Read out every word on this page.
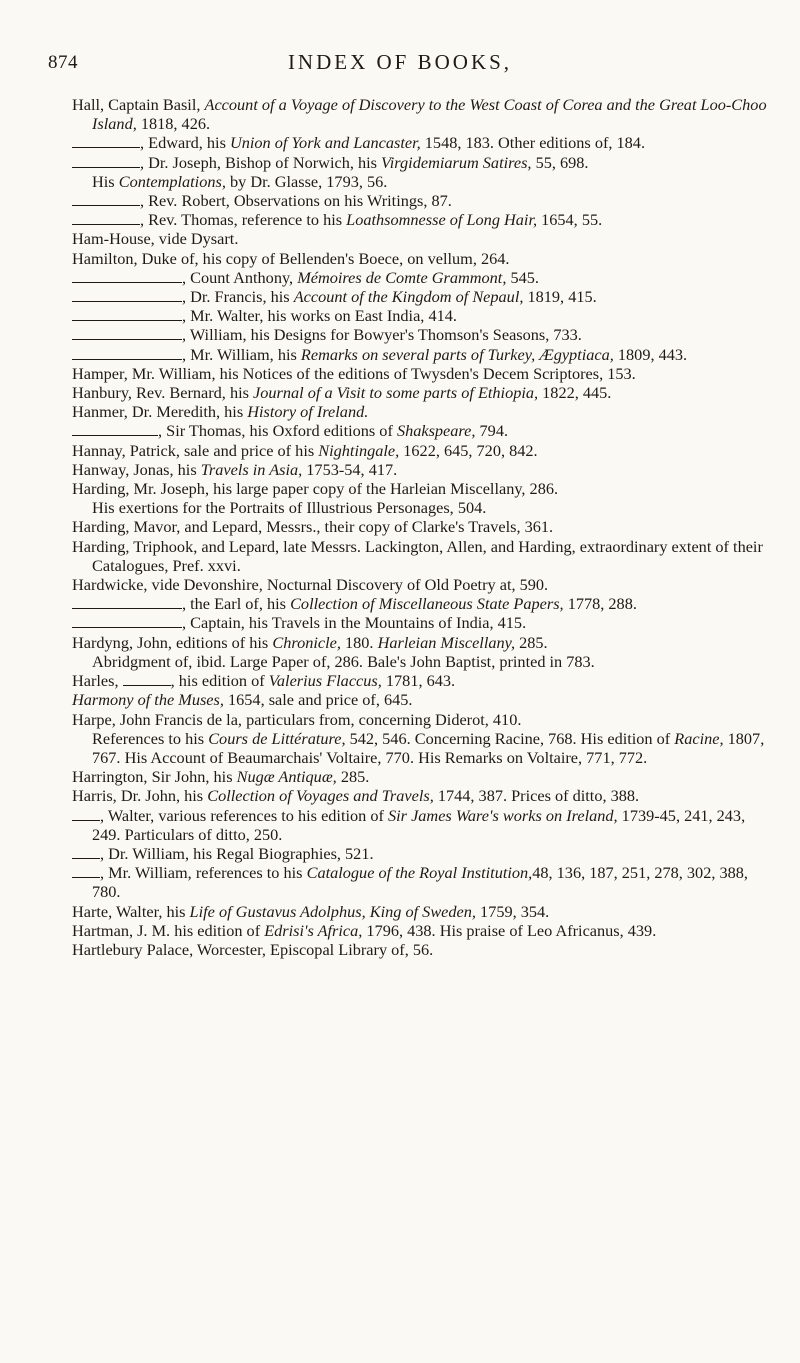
874	INDEX OF BOOKS,
Hall, Captain Basil, Account of a Voyage of Discovery to the West Coast of Corea and the Great Loo-Choo Island, 1818, 426.
, Edward, his Union of York and Lancaster, 1548, 183. Other editions of, 184.
, Dr. Joseph, Bishop of Norwich, his Virgidemiarum Satires, 55, 698.
His Contemplations, by Dr. Glasse, 1793, 56.
, Rev. Robert, Observations on his Writings, 87.
, Rev. Thomas, reference to his Loathsomnesse of Long Hair, 1654, 55.
Ham-House, vide Dysart.
Hamilton, Duke of, his copy of Bellenden's Boece, on vellum, 264.
, Count Anthony, Mémoires de Comte Grammont, 545.
, Dr. Francis, his Account of the Kingdom of Nepaul, 1819, 415.
, Mr. Walter, his works on East India, 414.
, William, his Designs for Bowyer's Thomson's Seasons, 733.
, Mr. William, his Remarks on several parts of Turkey, Ægyptiaca, 1809, 443.
Hamper, Mr. William, his Notices of the editions of Twysden's Decem Scriptores, 153.
Hanbury, Rev. Bernard, his Journal of a Visit to some parts of Ethiopia, 1822, 445.
Hanmer, Dr. Meredith, his History of Ireland.
, Sir Thomas, his Oxford editions of Shakspeare, 794.
Hannay, Patrick, sale and price of his Nightingale, 1622, 645, 720, 842.
Hanway, Jonas, his Travels in Asia, 1753-54, 417.
Harding, Mr. Joseph, his large paper copy of the Harleian Miscellany, 286.
His exertions for the Portraits of Illustrious Personages, 504.
Harding, Mavor, and Lepard, Messrs., their copy of Clarke's Travels, 361.
Harding, Triphook, and Lepard, late Messrs. Lackington, Allen, and Harding, extraordinary extent of their Catalogues, Pref. xxvi.
Hardwicke, vide Devonshire, Nocturnal Discovery of Old Poetry at, 590.
, the Earl of, his Collection of Miscellaneous State Papers, 1778, 288.
, Captain, his Travels in the Mountains of India, 415.
Hardyng, John, editions of his Chronicle, 180. Harleian Miscellany, 285.
Abridgment of, ibid. Large Paper of, 286. Bale's John Baptist, printed in 783.
Harles,	, his edition of Valerius Flaccus, 1781, 643.
Harmony of the Muses, 1654, sale and price of, 645.
Harpe, John Francis de la, particulars from, concerning Diderot, 410.
References to his Cours de Littérature, 542, 546. Concerning Racine, 768. His edition of Racine, 1807, 767. His Account of Beaumarchais' Voltaire, 770. His Remarks on Voltaire, 771, 772.
Harrington, Sir John, his Nugæ Antiquæ, 285.
Harris, Dr. John, his Collection of Voyages and Travels, 1744, 387. Prices of ditto, 388.
, Walter, various references to his edition of Sir James Ware's works on Ireland, 1739-45, 241, 243, 249. Particulars of ditto, 250.
, Dr. William, his Regal Biographies, 521.
, Mr. William, references to his Catalogue of the Royal Institution,48, 136, 187, 251, 278, 302, 388, 780.
Harte, Walter, his Life of Gustavus Adolphus, King of Sweden, 1759, 354.
Hartman, J. M. his edition of Edrisi's Africa, 1796, 438. His praise of Leo Africanus, 439.
Hartlebury Palace, Worcester, Episcopal Library of, 56.
